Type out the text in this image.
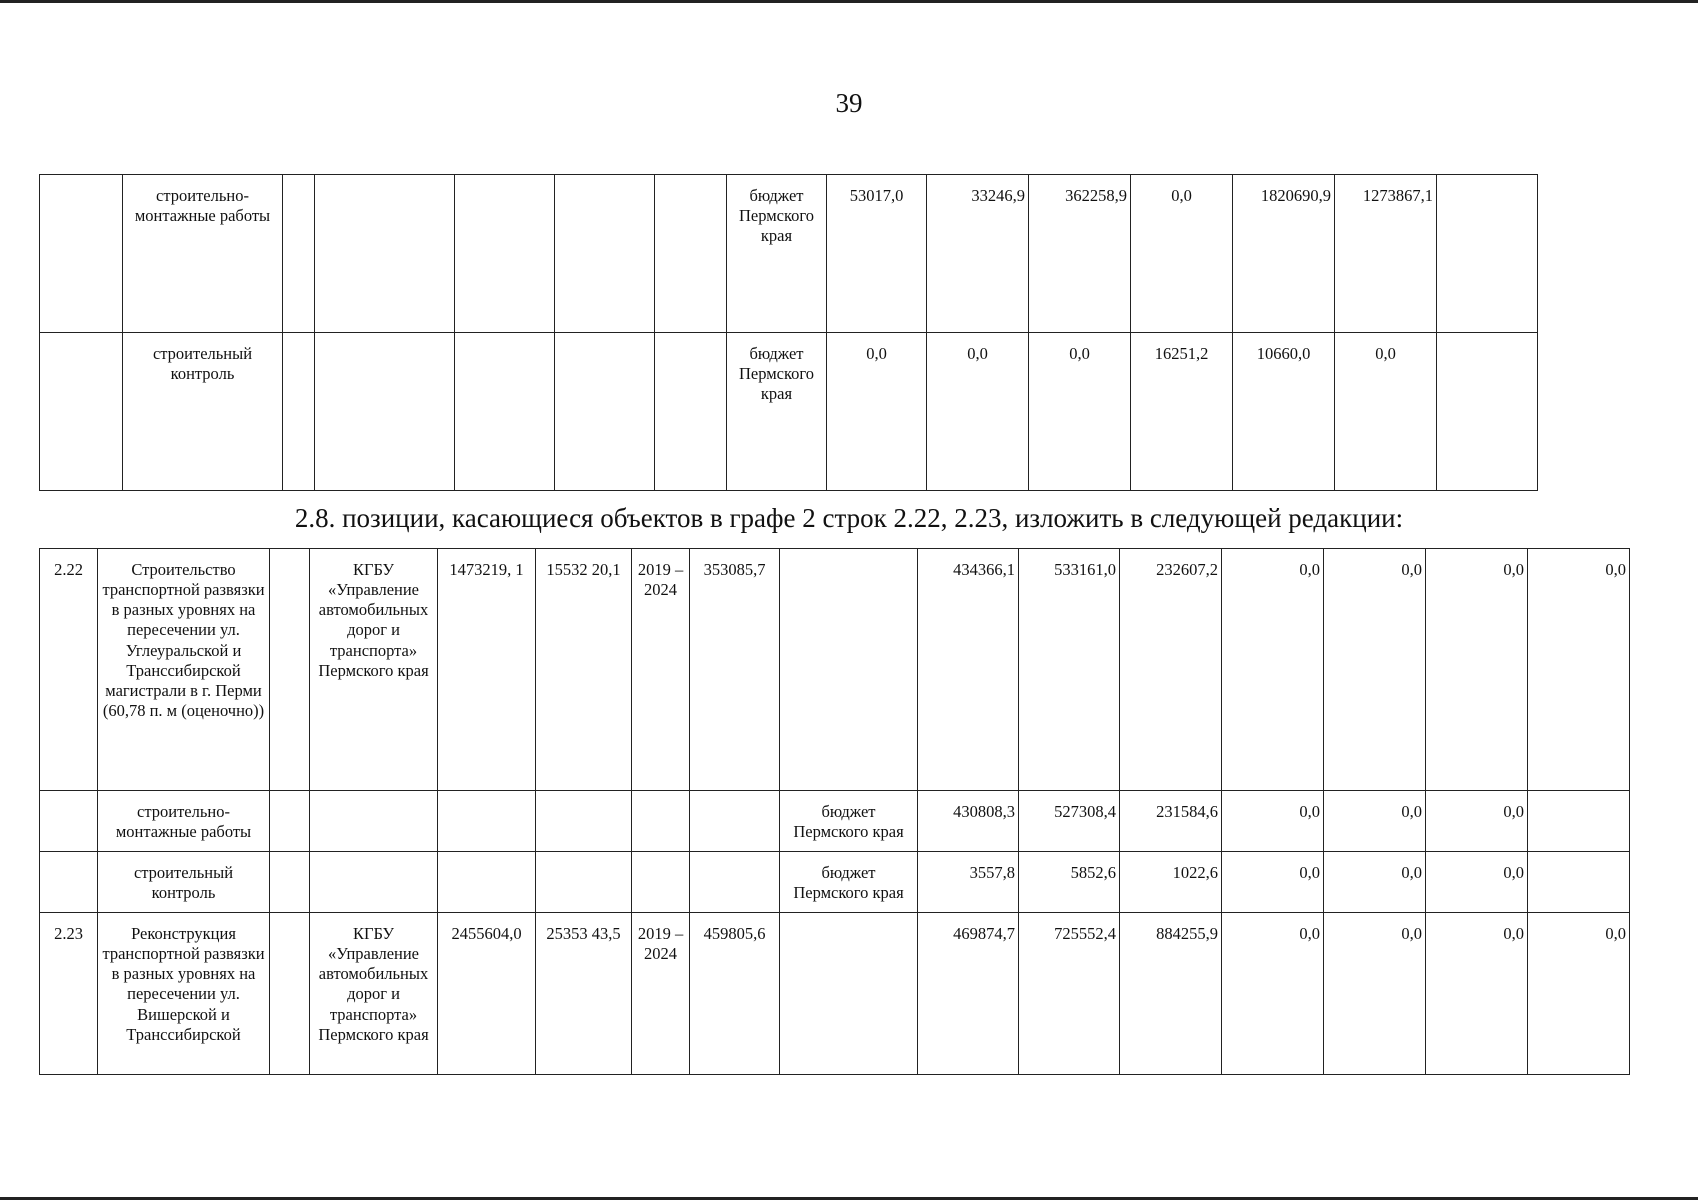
39
	строительно-монтажные работы						бюджет Пермского края	53017,0	33246,9	362258,9	0,0	1820690,9	1273867,1	
	строительный контроль						бюджет Пермского края	0,0	0,0	0,0	16251,2	10660,0	0,0	
2.8. позиции, касающиеся объектов в графе 2 строк 2.22, 2.23, изложить в следующей редакции:
2.22	Строительство транспортной развязки в разных уровнях на пересечении ул. Углеуральской и Транссибирской магистрали в г. Перми (60,78 п. м (оценочно))		КГБУ «Управление автомобильных дорог и транспорта» Пермского края	1473219, 1	15532 20,1	2019 – 2024	353085,7		434366,1	533161,0	232607,2	0,0	0,0	0,0	0,0
	строительно-монтажные работы							бюджет Пермского края	430808,3	527308,4	231584,6	0,0	0,0	0,0	
	строительный контроль							бюджет Пермского края	3557,8	5852,6	1022,6	0,0	0,0	0,0	
2.23	Реконструкция транспортной развязки в разных уровнях на пересечении ул. Вишерской и Транссибирской		КГБУ «Управление автомобильных дорог и транспорта» Пермского края	2455604,0	25353 43,5	2019 – 2024	459805,6		469874,7	725552,4	884255,9	0,0	0,0	0,0	0,0
